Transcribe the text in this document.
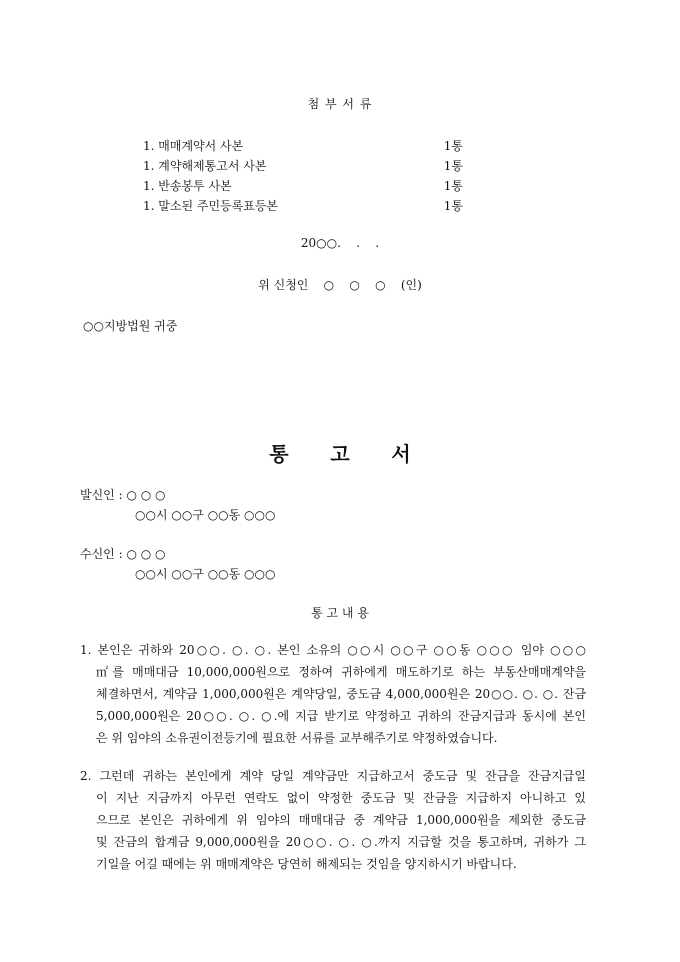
첨 부 서 류
1. 매매계약서 사본	1통
1. 계약해제통고서 사본	1통
1. 반송봉투 사본	1통
1. 말소된 주민등록표등본	1통
20○○.    .    .
위 신청인    ○    ○    ○    (인)
○○지방법원 귀중
통      고      서
발신인 : ○ ○ ○
○○시 ○○구 ○○동 ○○○
수신인 : ○ ○ ○
○○시 ○○구 ○○동 ○○○
통 고 내 용
1. 본인은 귀하와 20○○. ○. ○. 본인 소유의 ○○시 ○○구 ○○동 ○○○ 임야 ○○○
㎡를 매매대금 10,000,000원으로 정하여 귀하에게 매도하기로 하는 부동산매매계약을
체결하면서, 계약금 1,000,000원은 계약당일, 중도금 4,000,000원은 20○○. ○. ○. 잔금
5,000,000원은 20○○. ○. ○.에 지급 받기로 약정하고 귀하의 잔금지급과 동시에 본인
은 위 임야의 소유권이전등기에 필요한 서류를 교부해주기로 약정하였습니다.
2. 그런데 귀하는 본인에게 계약 당일 계약금만 지급하고서 중도금 및 잔금을 잔금지급일
이 지난 지금까지 아무런 연락도 없이 약정한 중도금 및 잔금을 지급하지 아니하고 있
으므로 본인은 귀하에게 위 임야의 매매대금 중 계약금 1,000,000원을 제외한 중도금
및 잔금의 합계금 9,000,000원을 20○○. ○. ○.까지 지급할 것을 통고하며, 귀하가 그
기일을 어길 때에는 위 매매계약은 당연히 해제되는 것임을 양지하시기 바랍니다.
